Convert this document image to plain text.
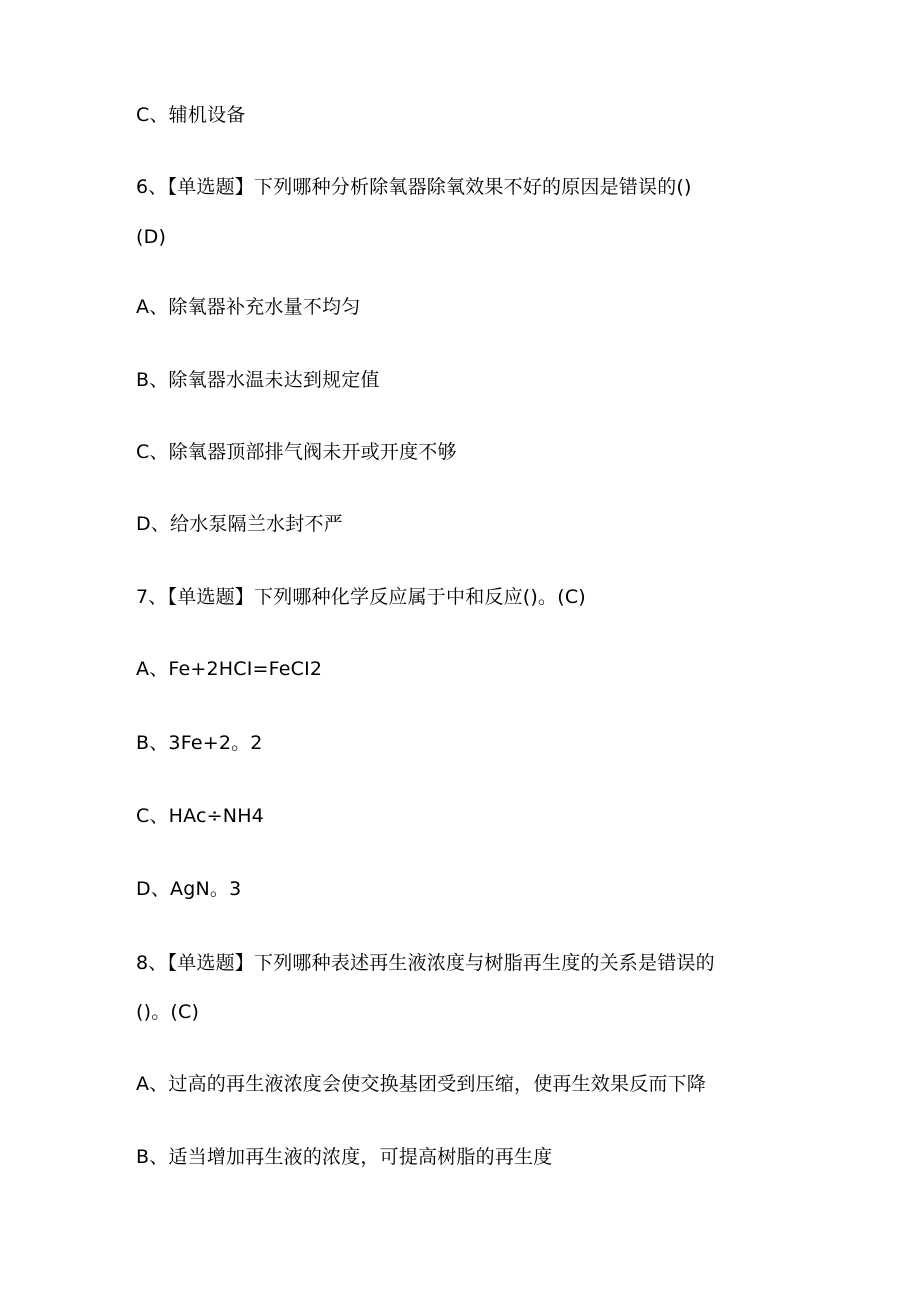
C、辅机设备
6、【单选题】下列哪种分析除氧器除氧效果不好的原因是错误的()
(D)
A、除氧器补充水量不均匀
B、除氧器水温未达到规定值
C、除氧器顶部排气阀未开或开度不够
D、给水泵隔兰水封不严
7、【单选题】下列哪种化学反应属于中和反应()。(C)
A、Fe+2HCI=FeCI2
B、3Fe+2。2
C、HAc÷NH4
D、AgN。3
8、【单选题】下列哪种表述再生液浓度与树脂再生度的关系是错误的
()。(C)
A、过高的再生液浓度会使交换基团受到压缩，使再生效果反而下降
B、适当增加再生液的浓度，可提高树脂的再生度
